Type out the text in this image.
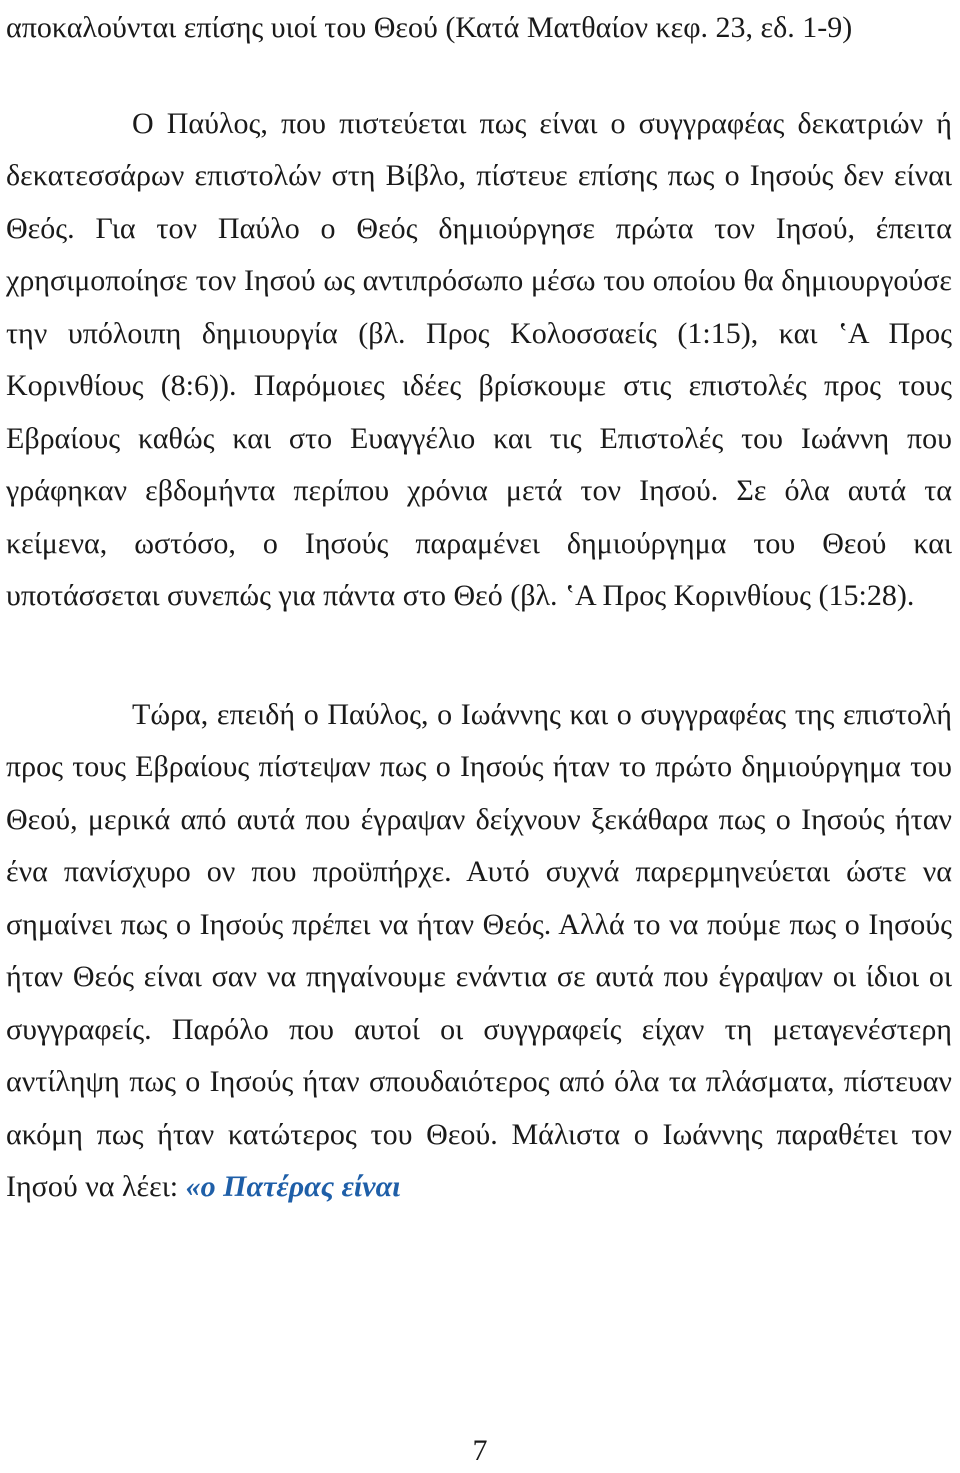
αποκαλούνται επίσης υιοί του Θεού (Κατά Ματθαίον κεφ. 23, εδ. 1-9)

Ο Παύλος, που πιστεύεται πως είναι ο συγγραφέας δεκατριών ή δεκατεσσάρων επιστολών στη Βίβλο, πίστευε επίσης πως ο Ιησούς δεν είναι Θεός. Για τον Παύλο ο Θεός δημιούργησε πρώτα τον Ιησού, έπειτα χρησιμοποίησε τον Ιησού ως αντιπρόσωπο μέσω του οποίου θα δημιουργούσε την υπόλοιπη δημιουργία (βλ. Προς Κολοσσαείς (1:15), και ʽΑ Προς Κορινθίους (8:6)). Παρόμοιες ιδέες βρίσκουμε στις επιστολές προς τους Εβραίους καθώς και στο Ευαγγέλιο και τις Επιστολές του Ιωάννη που γράφηκαν εβδομήντα περίπου χρόνια μετά τον Ιησού. Σε όλα αυτά τα κείμενα, ωστόσο, ο Ιησούς παραμένει δημιούργημα του Θεού και υποτάσσεται συνεπώς για πάντα στο Θεό (βλ. ʽΑ Προς Κορινθίους (15:28).

Τώρα, επειδή ο Παύλος, ο Ιωάννης και ο συγγραφέας της επιστολή προς τους Εβραίους πίστεψαν πως ο Ιησούς ήταν το πρώτο δημιούργημα του Θεού, μερικά από αυτά που έγραψαν δείχνουν ξεκάθαρα πως ο Ιησούς ήταν ένα πανίσχυρο ον που προϋπήρχε. Αυτό συχνά παρερμηνεύεται ώστε να σημαίνει πως ο Ιησούς πρέπει να ήταν Θεός. Αλλά το να πούμε πως ο Ιησούς ήταν Θεός είναι σαν να πηγαίνουμε ενάντια σε αυτά που έγραψαν οι ίδιοι οι συγγραφείς. Παρόλο που αυτοί οι συγγραφείς είχαν τη μεταγενέστερη αντίληψη πως ο Ιησούς ήταν σπουδαιότερος από όλα τα πλάσματα, πίστευαν ακόμη πως ήταν κατώτερος του Θεού. Μάλιστα ο Ιωάννης παραθέτει τον Ιησού να λέει: «ο Πατέρας είναι

7
